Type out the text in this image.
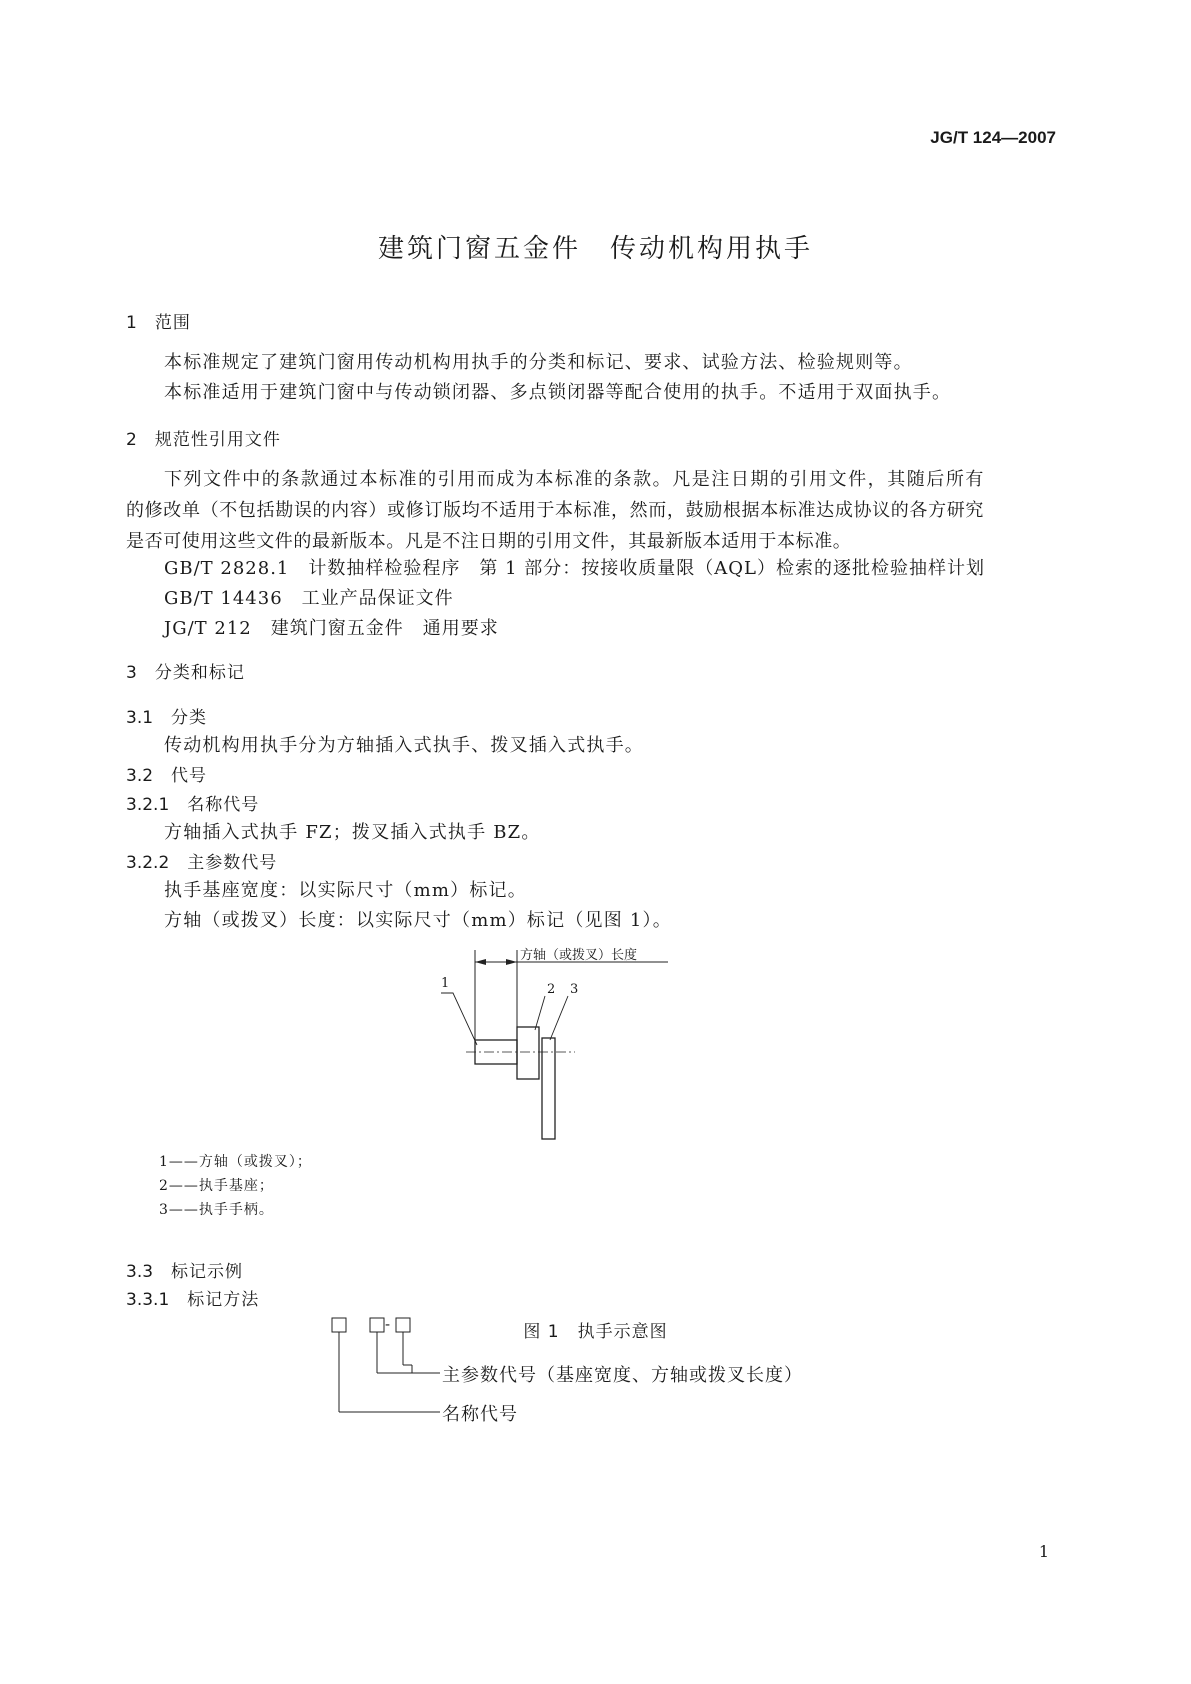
JG/T 124—2007
建筑门窗五金件　传动机构用执手
1 范围
本标准规定了建筑门窗用传动机构用执手的分类和标记、要求、试验方法、检验规则等。
本标准适用于建筑门窗中与传动锁闭器、多点锁闭器等配合使用的执手。不适用于双面执手。
2 规范性引用文件
下列文件中的条款通过本标准的引用而成为本标准的条款。凡是注日期的引用文件，其随后所有
的修改单（不包括勘误的内容）或修订版均不适用于本标准，然而，鼓励根据本标准达成协议的各方研究
是否可使用这些文件的最新版本。凡是不注日期的引用文件，其最新版本适用于本标准。
GB/T 2828.1　计数抽样检验程序　第 1 部分：按接收质量限（AQL）检索的逐批检验抽样计划
GB/T 14436　工业产品保证文件
JG/T 212　建筑门窗五金件　通用要求
3 分类和标记
3.1 分类
传动机构用执手分为方轴插入式执手、拨叉插入式执手。
3.2 代号
3.2.1 名称代号
方轴插入式执手 FZ；拨叉插入式执手 BZ。
3.2.2 主参数代号
执手基座宽度：以实际尺寸（mm）标记。
方轴（或拨叉）长度：以实际尺寸（mm）标记（见图 1）。
方轴（或拨叉）长度
1	2 3
1——方轴（或拨叉）；
2——执手基座；
3——执手手柄。
图 1　执手示意图
3.3 标记示例
3.3.1 标记方法
-
主参数代号（基座宽度、方轴或拨叉长度）
名称代号
1
